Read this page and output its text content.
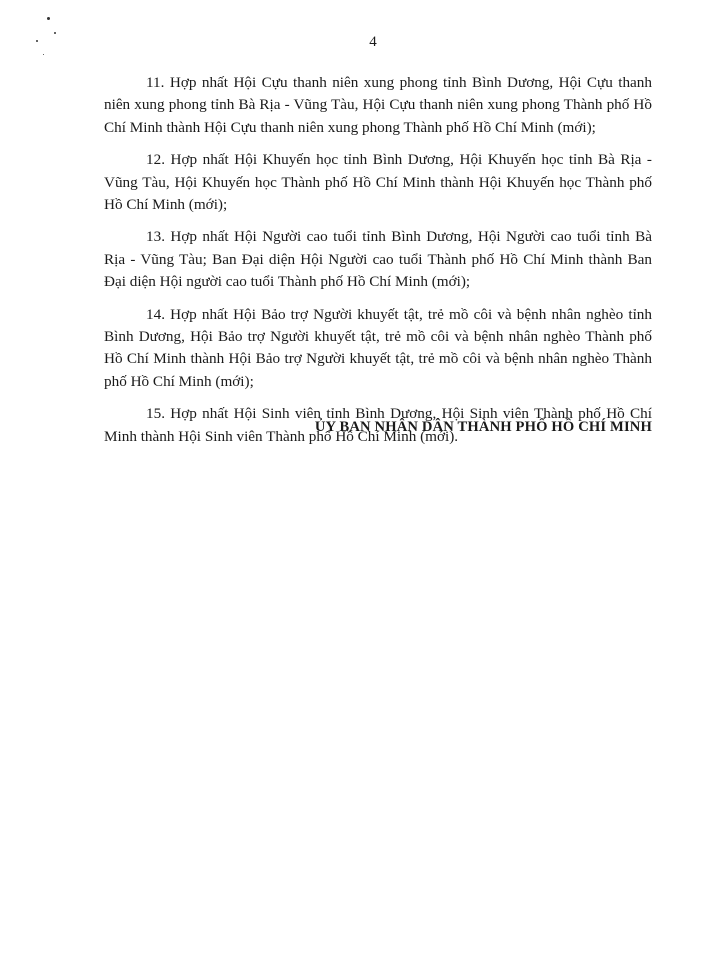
4

11. Hợp nhất Hội Cựu thanh niên xung phong tỉnh Bình Dương, Hội Cựu thanh niên xung phong tỉnh Bà Rịa - Vũng Tàu, Hội Cựu thanh niên xung phong Thành phố Hồ Chí Minh thành Hội Cựu thanh niên xung phong Thành phố Hồ Chí Minh (mới);

12. Hợp nhất Hội Khuyến học tỉnh Bình Dương, Hội Khuyến học tỉnh Bà Rịa - Vũng Tàu, Hội Khuyến học Thành phố Hồ Chí Minh thành Hội Khuyến học Thành phố Hồ Chí Minh (mới);

13. Hợp nhất Hội Người cao tuổi tỉnh Bình Dương, Hội Người cao tuổi tỉnh Bà Rịa - Vũng Tàu; Ban Đại diện Hội Người cao tuổi Thành phố Hồ Chí Minh thành Ban Đại diện Hội người cao tuổi Thành phố Hồ Chí Minh (mới);

14. Hợp nhất Hội Bảo trợ Người khuyết tật, trẻ mồ côi và bệnh nhân nghèo tỉnh Bình Dương, Hội Bảo trợ Người khuyết tật, trẻ mồ côi và bệnh nhân nghèo Thành phố Hồ Chí Minh thành Hội Bảo trợ Người khuyết tật, trẻ mồ côi và bệnh nhân nghèo Thành phố Hồ Chí Minh (mới);

15. Hợp nhất Hội Sinh viên tỉnh Bình Dương, Hội Sinh viên Thành phố Hồ Chí Minh thành Hội Sinh viên Thành phố Hồ Chí Minh (mới).

ỦY BAN NHÂN DÂN THÀNH PHỐ HỒ CHÍ MINH
